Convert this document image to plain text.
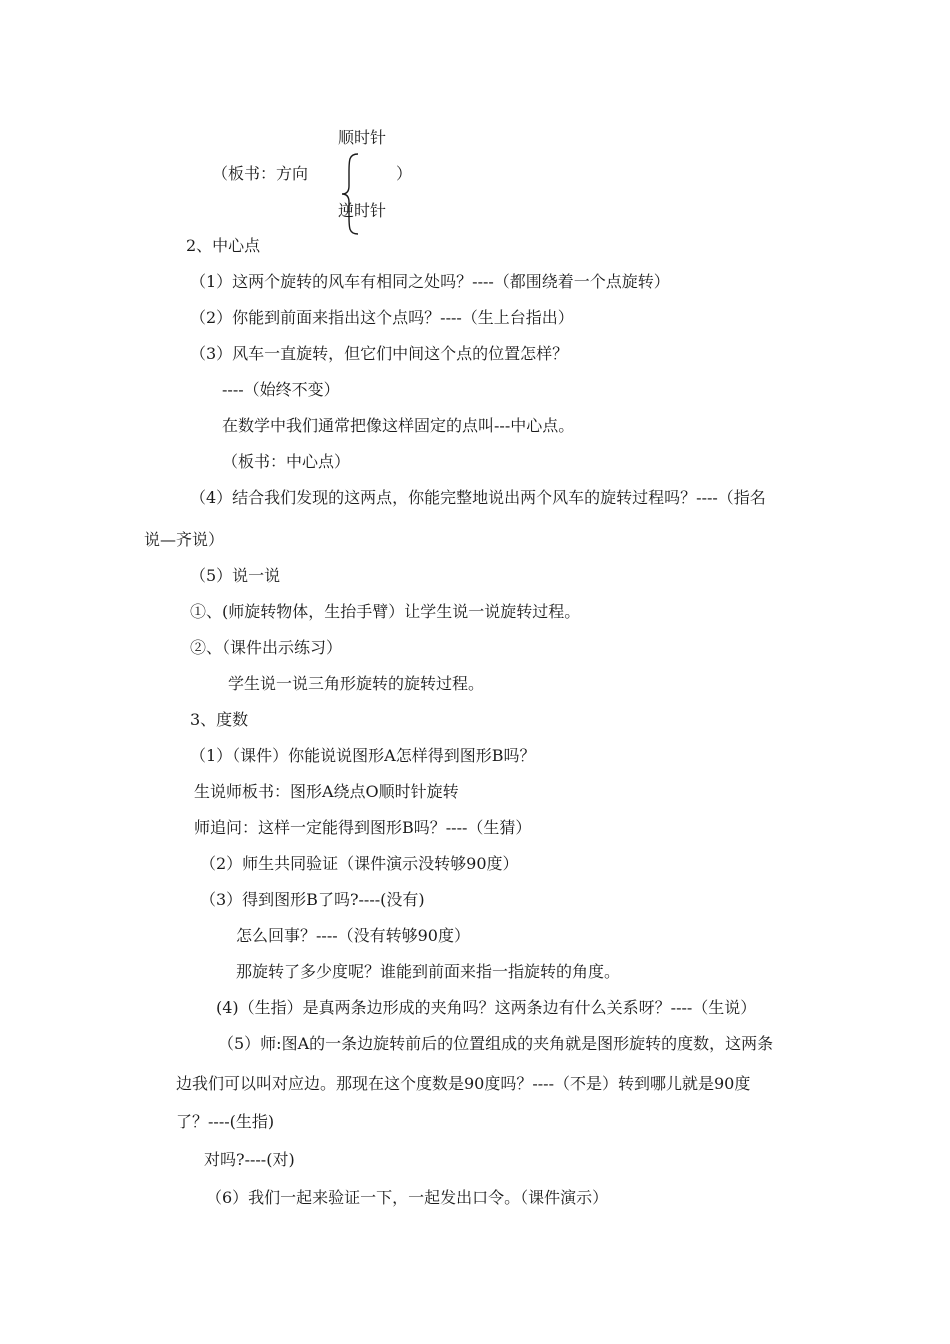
顺时针
（板书：方向	）
逆时针
2、中心点
（1）这两个旋转的风车有相同之处吗？----（都围绕着一个点旋转）
（2）你能到前面来指出这个点吗？----（生上台指出）
（3）风车一直旋转，但它们中间这个点的位置怎样？
----（始终不变）
在数学中我们通常把像这样固定的点叫---中心点。
（板书：中心点）
（4）结合我们发现的这两点，你能完整地说出两个风车的旋转过程吗？----（指名
说—齐说）
（5）说一说
①、(师旋转物体，生抬手臂）让学生说一说旋转过程。
②、（课件出示练习）
学生说一说三角形旋转的旋转过程。
3、度数
（1）（课件）你能说说图形A怎样得到图形B吗？
生说师板书：图形A绕点O顺时针旋转
师追问：这样一定能得到图形B吗？----（生猜）
（2）师生共同验证（课件演示没转够90度）
（3）得到图形B了吗?----(没有)
怎么回事？----（没有转够90度）
那旋转了多少度呢？谁能到前面来指一指旋转的角度。
(4)（生指）是真两条边形成的夹角吗？这两条边有什么关系呀？----（生说）
（5）师:图A的一条边旋转前后的位置组成的夹角就是图形旋转的度数，这两条
边我们可以叫对应边。那现在这个度数是90度吗？----（不是）转到哪儿就是90度
了？----(生指)
对吗?----(对)
（6）我们一起来验证一下，一起发出口令。（课件演示）
